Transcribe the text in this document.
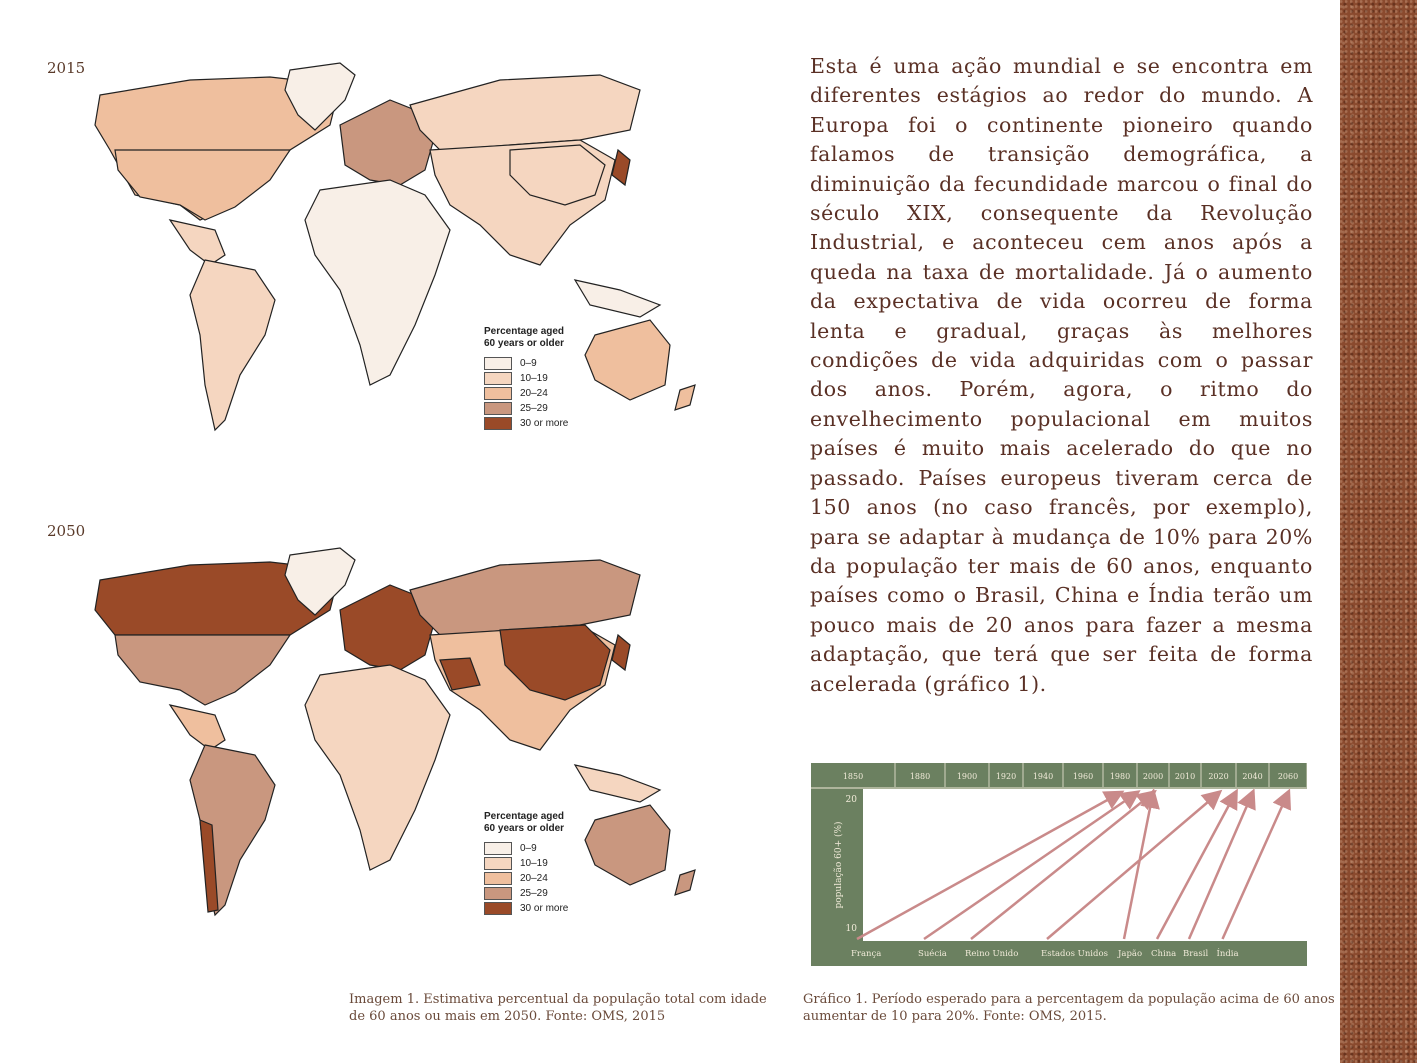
2015
Percentage aged
60 years or older
0–9
10–19
20–24
25–29
30 or more
2050
Percentage aged
60 years or older
0–9
10–19
20–24
25–29
30 or more
Esta é uma ação mundial e se encontra em diferentes estágios ao redor do mundo. A Europa foi o continente pioneiro quando falamos de transição demográfica, a diminuição da fecundidade marcou o final do século XIX, consequente da Revolução Industrial, e aconteceu cem anos após a queda na taxa de mortalidade. Já o aumento da expectativa de vida ocorreu de forma lenta e gradual, graças às melhores condições de vida adquiridas com o passar dos anos. Porém, agora, o ritmo do envelhecimento populacional em muitos países é muito mais acelerado do que no passado. Países europeus tiveram cerca de 150 anos (no caso francês, por exemplo), para se adaptar à mudança de 10% para 20% da população ter mais de 60 anos, enquanto países como o Brasil, China e Índia terão um pouco mais de 20 anos para fazer a mesma adaptação, que terá que ser feita de forma acelerada (gráfico 1).
1850	1880	1900 1920 1940 1960 1980 2000 2010 2020 2040 2060
população 60+ (%)
20
10
França	Suécia Reino Unido	Estados Unidos Japão China Brasil Índia
Imagem 1. Estimativa percentual da população total com idade de 60 anos ou mais em 2050. Fonte: OMS, 2015
Gráfico 1. Período esperado para a percentagem da população acima de 60 anos aumentar de 10 para 20%. Fonte: OMS, 2015.
